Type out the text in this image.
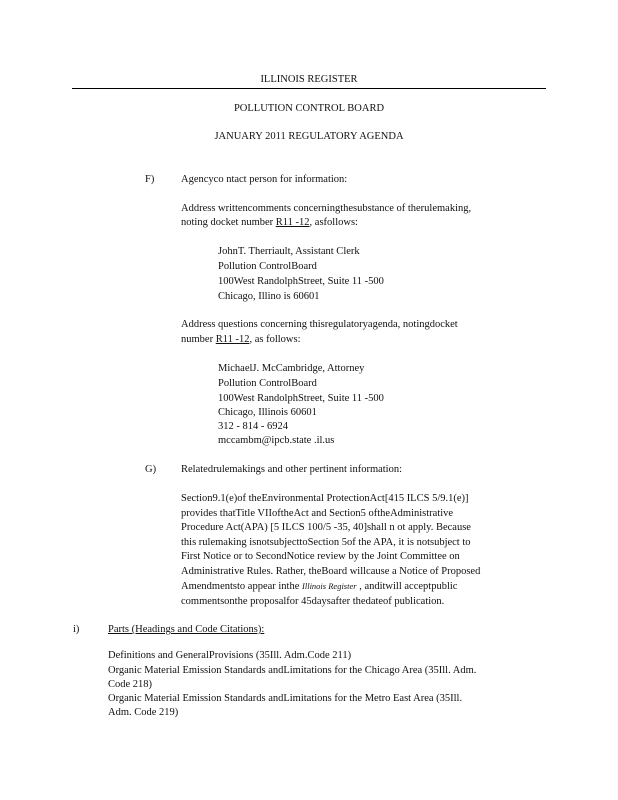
ILLINOIS REGISTER
POLLUTION CONTROL BOARD
JANUARY 2011 REGULATORY AGENDA
F)	Agencyco ntact person for information:
Address writtencomments concerningthesubstance of therulemaking,
noting docket number R11 -12, asfollows:
JohnT. Therriault, Assistant Clerk
Pollution ControlBoard
100West RandolphStreet, Suite 11 -500
Chicago, Illino is 60601
Address questions concerning thisregulatoryagenda, notingdocket
number R11 -12, as follows:
MichaelJ. McCambridge, Attorney
Pollution ControlBoard
100West RandolphStreet, Suite 11 -500
Chicago, Illinois 60601
312 - 814 - 6924
mccambm@ipcb.state .il.us
G) Relatedrulemakings and other pertinent information:
Section9.1(e)of theEnvironmental ProtectionAct[415 ILCS 5/9.1(e)]
provides thatTitle VIIoftheAct and Section5 oftheAdministrative
Procedure Act(APA) [5 ILCS 100/5 -35, 40]shall n ot apply. Because
this rulemaking isnotsubjecttoSection 5of the APA, it is notsubject to
First Notice or to SecondNotice review by the Joint Committee on
Administrative Rules. Rather, theBoard willcause a Notice of Proposed
Amendmentsto appear inthe Illinois Register , anditwill acceptpublic
commentsonthe proposalfor 45daysafter thedateof publication.
i)	Parts (Headings and Code Citations):
Definitions and GeneralProvisions (35Ill. Adm.Code 211)
Organic Material Emission Standards andLimitations for the Chicago Area (35Ill. Adm.
Code 218)
Organic Material Emission Standards andLimitations for the Metro East Area (35Ill.
Adm. Code 219)
